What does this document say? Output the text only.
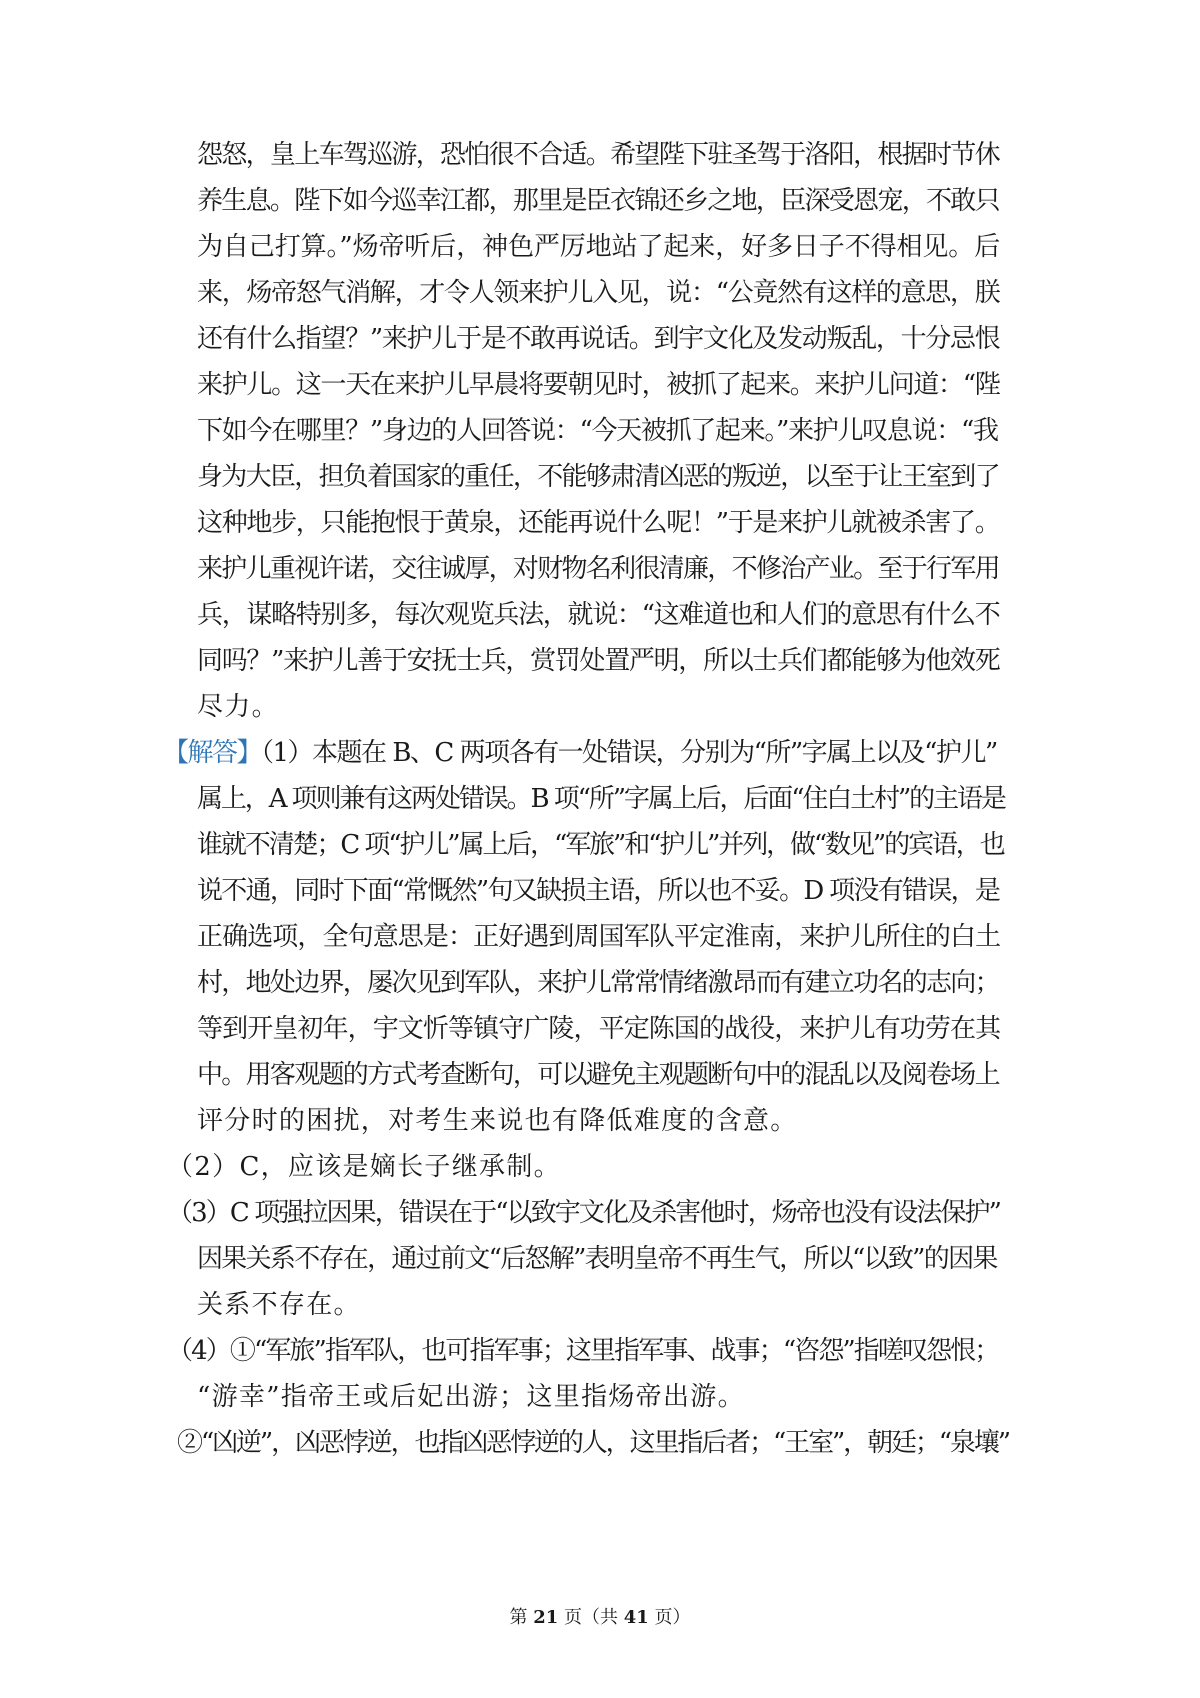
怨怒，皇上车驾巡游，恐怕很不合适。希望陛下驻圣驾于洛阳，根据时节休
养生息。陛下如今巡幸江都，那里是臣衣锦还乡之地，臣深受恩宠，不敢只
为自己打算。”炀帝听后，神色严厉地站了起来，好多日子不得相见。后
来，炀帝怒气消解，才令人领来护儿入见，说：“公竟然有这样的意思，朕
还有什么指望？”来护儿于是不敢再说话。到宇文化及发动叛乱，十分忌恨
来护儿。这一天在来护儿早晨将要朝见时，被抓了起来。来护儿问道：“陛
下如今在哪里？”身边的人回答说：“今天被抓了起来。”来护儿叹息说：“我
身为大臣，担负着国家的重任，不能够肃清凶恶的叛逆，以至于让王室到了
这种地步，只能抱恨于黄泉，还能再说什么呢！”于是来护儿就被杀害了。
来护儿重视许诺，交往诚厚，对财物名利很清廉，不修治产业。至于行军用
兵，谋略特别多，每次观览兵法，就说：“这难道也和人们的意思有什么不
同吗？”来护儿善于安抚士兵，赏罚处置严明，所以士兵们都能够为他效死
尽力。
【解答】（1）本题在 B、C 两项各有一处错误，分别为“所”字属上以及“护儿”
属上，A 项则兼有这两处错误。B 项“所”字属上后，后面“住白土村”的主语是
谁就不清楚；C 项“护儿”属上后，“军旅”和“护儿”并列，做“数见”的宾语，也
说不通，同时下面“常慨然”句又缺损主语，所以也不妥。D 项没有错误，是
正确选项，全句意思是：正好遇到周国军队平定淮南，来护儿所住的白土
村，地处边界，屡次见到军队，来护儿常常情绪激昂而有建立功名的志向；
等到开皇初年，宇文忻等镇守广陵，平定陈国的战役，来护儿有功劳在其
中。用客观题的方式考查断句，可以避免主观题断句中的混乱以及阅卷场上
评分时的困扰，对考生来说也有降低难度的含意。
（2）C，应该是嫡长子继承制。
（3）C 项强拉因果，错误在于“以致宇文化及杀害他时，炀帝也没有设法保护”
因果关系不存在，通过前文“后怒解”表明皇帝不再生气，所以“以致”的因果
关系不存在。
（4）①“军旅”指军队，也可指军事；这里指军事、战事；“咨怨”指嗟叹怨恨；
“游幸”指帝王或后妃出游；这里指炀帝出游。
②“凶逆”，凶恶悖逆，也指凶恶悖逆的人，这里指后者；“王室”，朝廷；“泉壤”
第 21 页（共 41 页）
